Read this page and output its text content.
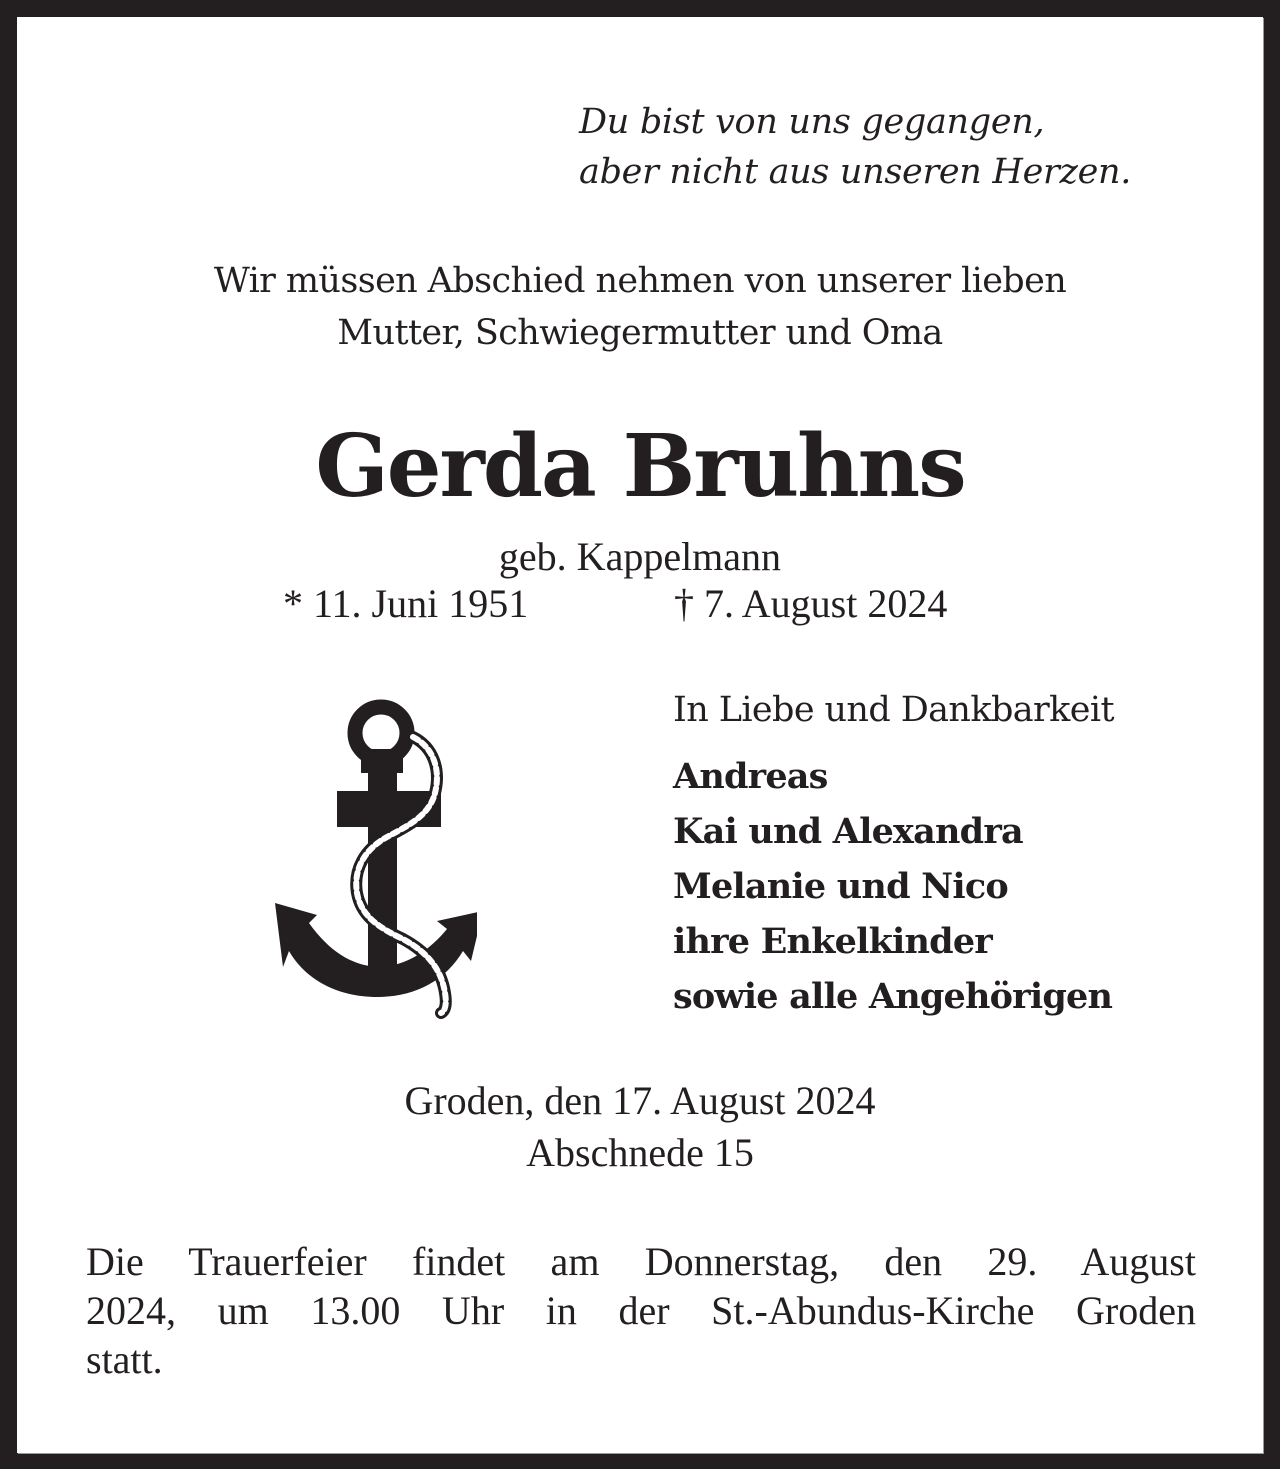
Du bist von uns gegangen,
aber nicht aus unseren Herzen.
Wir müssen Abschied nehmen von unserer lieben
Mutter, Schwiegermutter und Oma
Gerda Bruhns
geb. Kappelmann
* 11. Juni 1951	† 7. August 2024
In Liebe und Dankbarkeit
Andreas
Kai und Alexandra
Melanie und Nico
ihre Enkelkinder
sowie alle Angehörigen
Groden, den 17. August 2024
Abschnede 15
Die Trauerfeier findet am Donnerstag, den 29. August
2024, um 13.00 Uhr in der St.-Abundus-Kirche Groden
statt.
